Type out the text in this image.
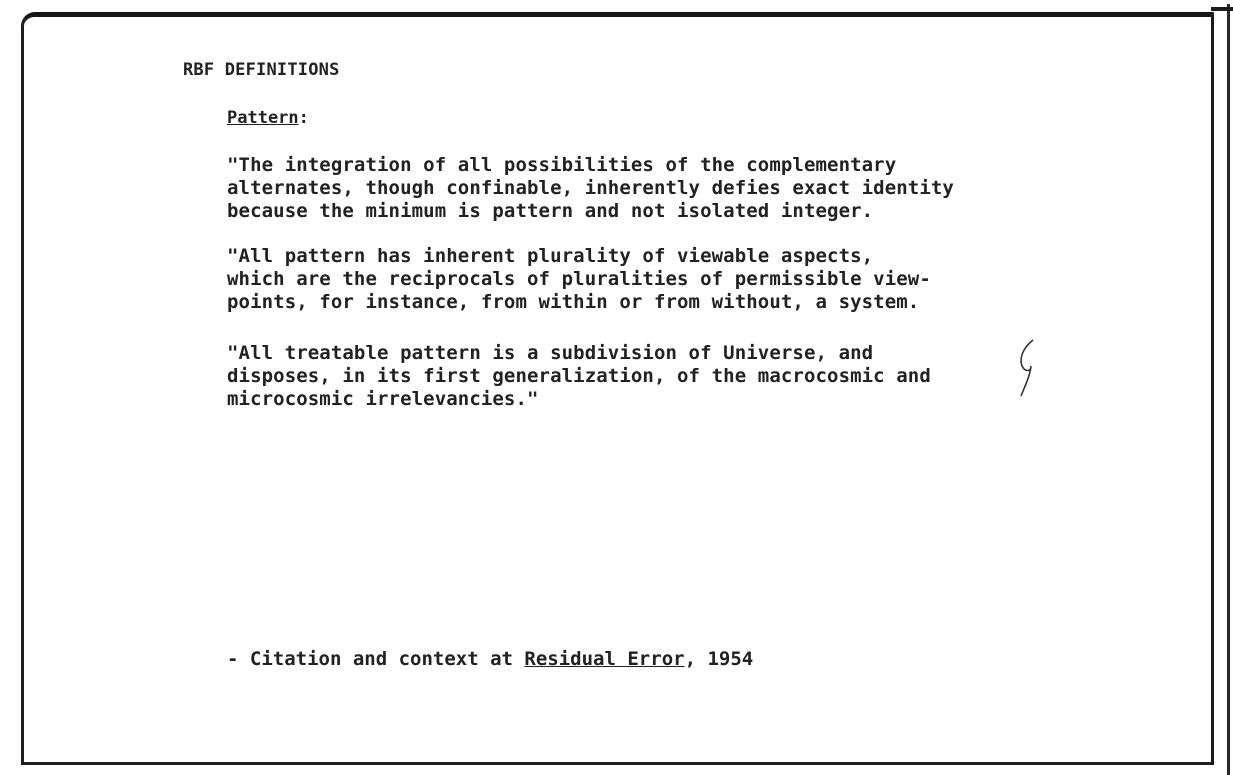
RBF DEFINITIONS
Pattern:
"The integration of all possibilities of the complementary
alternates, though confinable, inherently defies exact identity
because the minimum is pattern and not isolated integer.
"All pattern has inherent plurality of viewable aspects,
which are the reciprocals of pluralities of permissible view-
points, for instance, from within or from without, a system.
"All treatable pattern is a subdivision of Universe, and
disposes, in its first generalization, of the macrocosmic and
microcosmic irrelevancies."
- Citation and context at Residual Error, 1954
